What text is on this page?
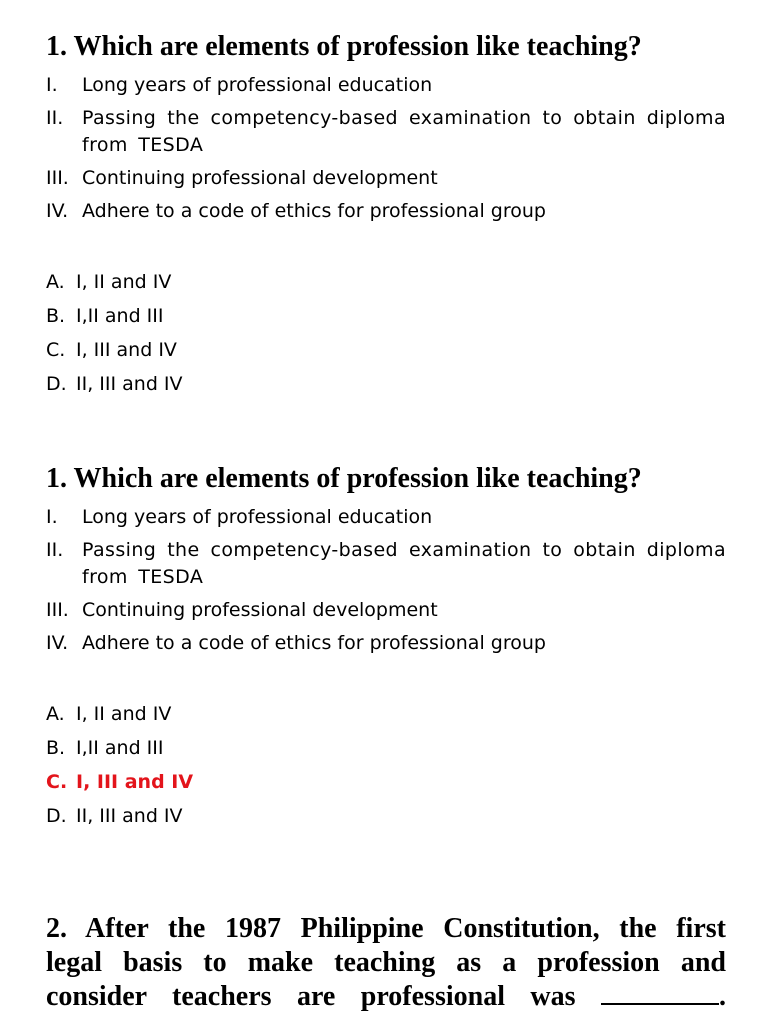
1. Which are elements of profession like teaching?
I.	Long years of professional education
II. Passing the competency-based examination to obtain diploma from TESDA
III. Continuing professional development
IV. Adhere to a code of ethics for professional group
A. I, II and IV
B. I,II and III
C. I, III and IV
D. II, III and IV
1. Which are elements of profession like teaching?
I.	Long years of professional education
II. Passing the competency-based examination to obtain diploma from TESDA
III. Continuing professional development
IV. Adhere to a code of ethics for professional group
A. I, II and IV
B. I,II and III
C. I, III and IV
D. II, III and IV
2. After the 1987 Philippine Constitution, the first
legal basis to make teaching as a profession and
consider teachers are professional was	.
